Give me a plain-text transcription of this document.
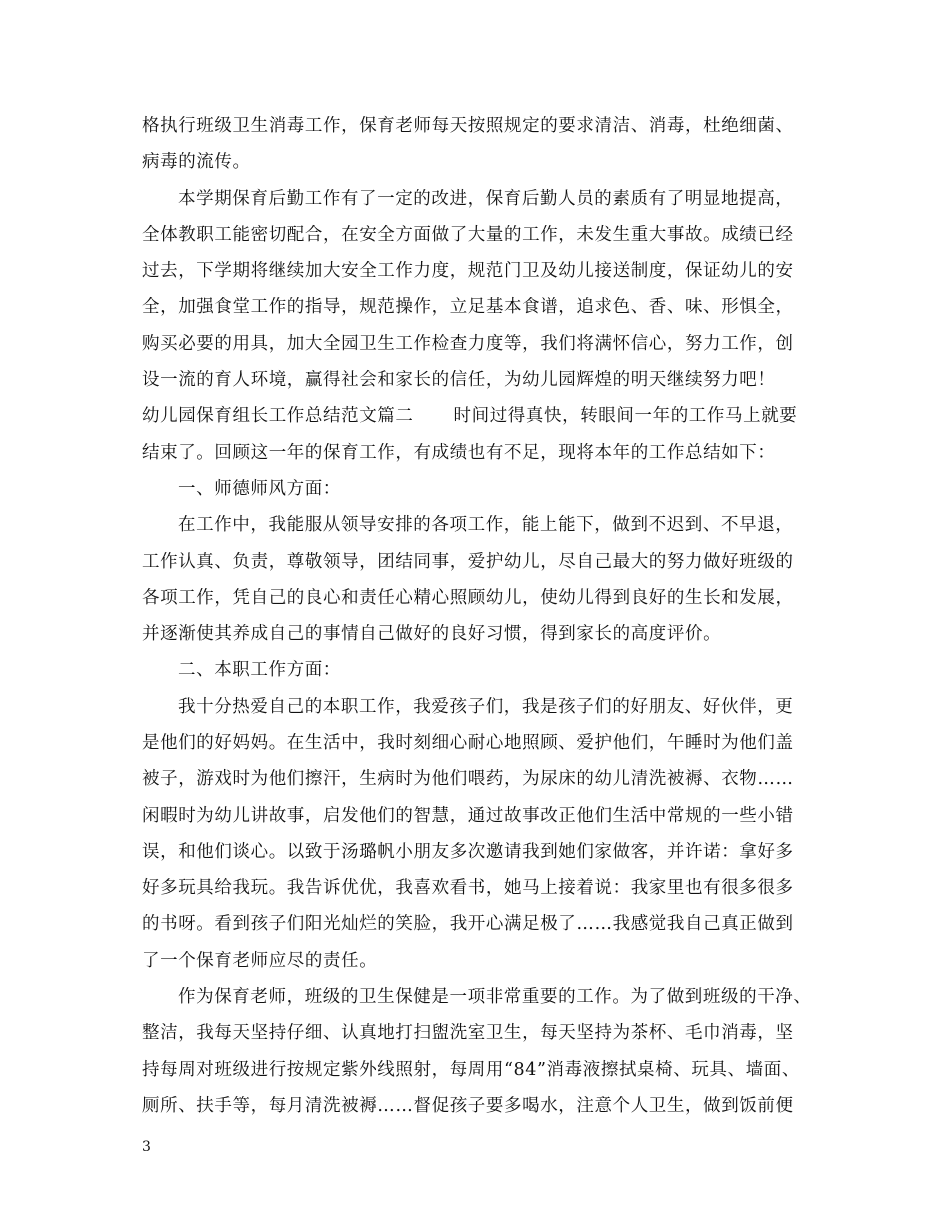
格执行班级卫生消毒工作，保育老师每天按照规定的要求清洁、消毒，杜绝细菌、
病毒的流传。
本学期保育后勤工作有了一定的改进，保育后勤人员的素质有了明显地提高，
全体教职工能密切配合，在安全方面做了大量的工作，未发生重大事故。成绩已经
过去，下学期将继续加大安全工作力度，规范门卫及幼儿接送制度，保证幼儿的安
全，加强食堂工作的指导，规范操作，立足基本食谱，追求色、香、味、形惧全，
购买必要的用具，加大全园卫生工作检查力度等，我们将满怀信心，努力工作，创
设一流的育人环境，赢得社会和家长的信任，为幼儿园辉煌的明天继续努力吧！
幼儿园保育组长工作总结范文篇二 时间过得真快，转眼间一年的工作马上就要
结束了。回顾这一年的保育工作，有成绩也有不足，现将本年的工作总结如下：
一、师德师风方面：
在工作中，我能服从领导安排的各项工作，能上能下，做到不迟到、不早退，
工作认真、负责，尊敬领导，团结同事，爱护幼儿，尽自己最大的努力做好班级的
各项工作，凭自己的良心和责任心精心照顾幼儿，使幼儿得到良好的生长和发展，
并逐渐使其养成自己的事情自己做好的良好习惯，得到家长的高度评价。
二、本职工作方面：
我十分热爱自己的本职工作，我爱孩子们，我是孩子们的好朋友、好伙伴，更
是他们的好妈妈。在生活中，我时刻细心耐心地照顾、爱护他们，午睡时为他们盖
被子，游戏时为他们擦汗，生病时为他们喂药，为尿床的幼儿清洗被褥、衣物……
闲暇时为幼儿讲故事，启发他们的智慧，通过故事改正他们生活中常规的一些小错
误，和他们谈心。以致于汤璐帆小朋友多次邀请我到她们家做客，并许诺：拿好多
好多玩具给我玩。我告诉优优，我喜欢看书，她马上接着说：我家里也有很多很多
的书呀。看到孩子们阳光灿烂的笑脸，我开心满足极了……我感觉我自己真正做到
了一个保育老师应尽的责任。
作为保育老师，班级的卫生保健是一项非常重要的工作。为了做到班级的干净、
整洁，我每天坚持仔细、认真地打扫盥洗室卫生，每天坚持为茶杯、毛巾消毒，坚
持每周对班级进行按规定紫外线照射，每周用“84”消毒液擦拭桌椅、玩具、墙面、
厕所、扶手等，每月清洗被褥……督促孩子要多喝水，注意个人卫生，做到饭前便
3
